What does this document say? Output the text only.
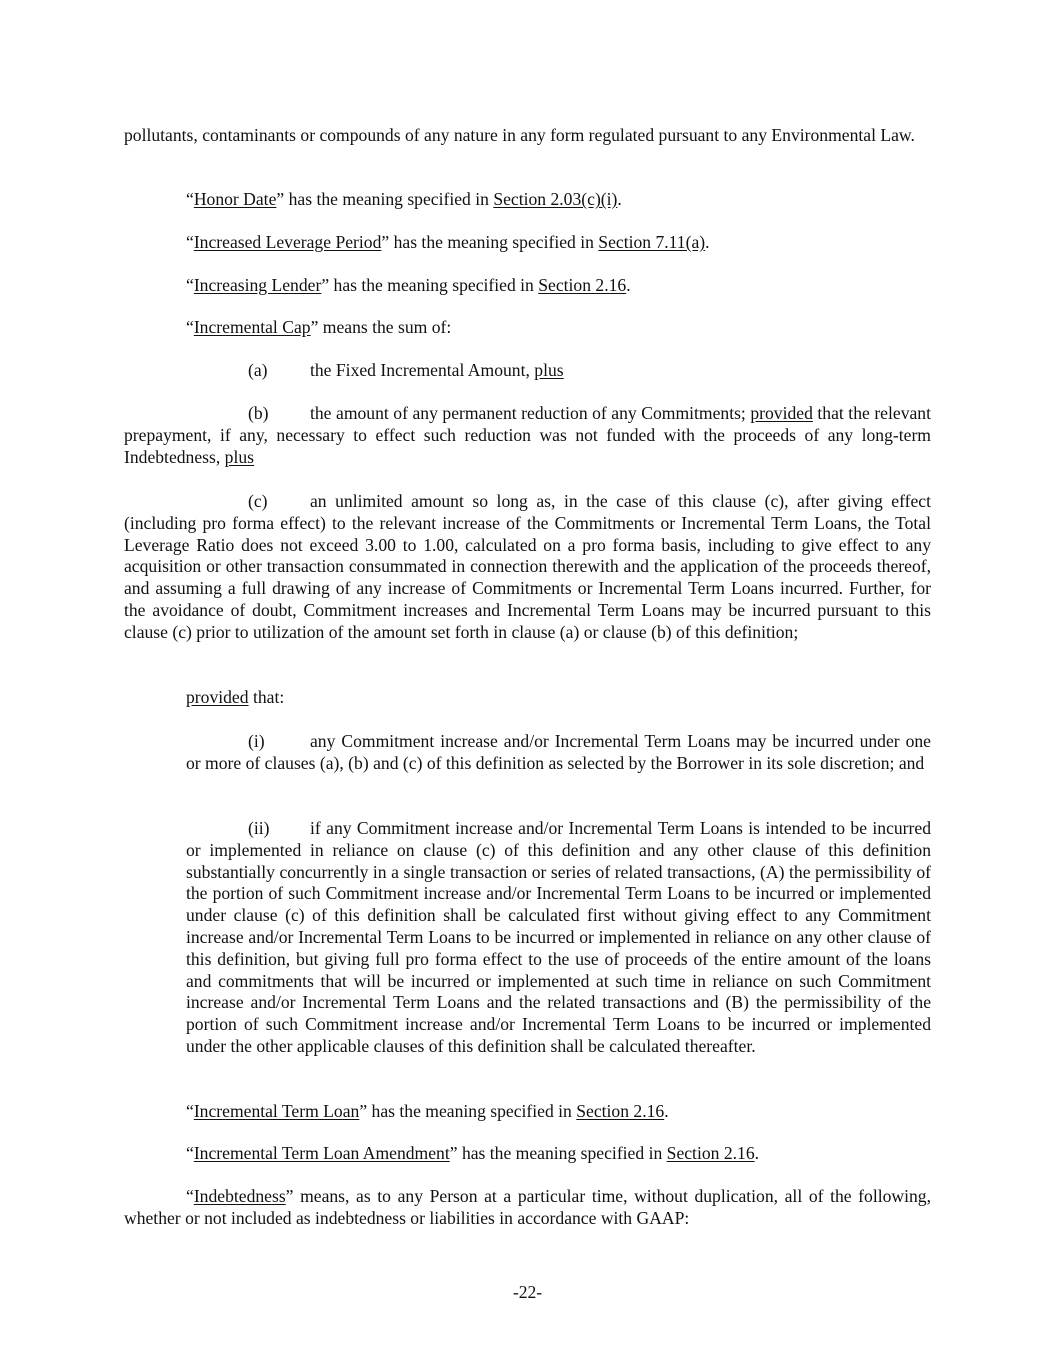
pollutants, contaminants or compounds of any nature in any form regulated pursuant to any Environmental Law.

“Honor Date” has the meaning specified in Section 2.03(c)(i).

“Increased Leverage Period” has the meaning specified in Section 7.11(a).

“Increasing Lender” has the meaning specified in Section 2.16.

“Incremental Cap” means the sum of:

(a) the Fixed Incremental Amount, plus

(b) the amount of any permanent reduction of any Commitments; provided that the relevant prepayment, if any, necessary to effect such reduction was not funded with the proceeds of any long-term Indebtedness, plus

(c) an unlimited amount so long as, in the case of this clause (c), after giving effect (including pro forma effect) to the relevant increase of the Commitments or Incremental Term Loans, the Total Leverage Ratio does not exceed 3.00 to 1.00, calculated on a pro forma basis, including to give effect to any acquisition or other transaction consummated in connection therewith and the application of the proceeds thereof, and assuming a full drawing of any increase of Commitments or Incremental Term Loans incurred. Further, for the avoidance of doubt, Commitment increases and Incremental Term Loans may be incurred pursuant to this clause (c) prior to utilization of the amount set forth in clause (a) or clause (b) of this definition;

provided that:

(i)	any Commitment increase and/or Incremental Term Loans may be incurred under one or more of clauses (a), (b) and (c) of this definition as selected by the Borrower in its sole discretion; and

(ii) if any Commitment increase and/or Incremental Term Loans is intended to be incurred or implemented in reliance on clause (c) of this definition and any other clause of this definition substantially concurrently in a single transaction or series of related transactions, (A) the permissibility of the portion of such Commitment increase and/or Incremental Term Loans to be incurred or implemented under clause (c) of this definition shall be calculated first without giving effect to any Commitment increase and/or Incremental Term Loans to be incurred or implemented in reliance on any other clause of this definition, but giving full pro forma effect to the use of proceeds of the entire amount of the loans and commitments that will be incurred or implemented at such time in reliance on such Commitment increase and/or Incremental Term Loans and the related transactions and (B) the permissibility of the portion of such Commitment increase and/or Incremental Term Loans to be incurred or implemented under the other applicable clauses of this definition shall be calculated thereafter.

“Incremental Term Loan” has the meaning specified in Section 2.16.

“Incremental Term Loan Amendment” has the meaning specified in Section 2.16.

“Indebtedness” means, as to any Person at a particular time, without duplication, all of the following, whether or not included as indebtedness or liabilities in accordance with GAAP:

-22-
